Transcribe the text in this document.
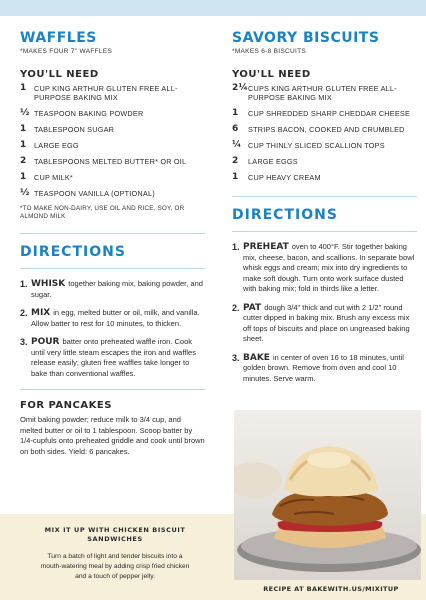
WAFFLES
*MAKES FOUR 7" WAFFLES
YOU'LL NEED
1	CUP KING ARTHUR GLUTEN FREE ALL-PURPOSE BAKING MIX
½ TEASPOON BAKING POWDER
1	TABLESPOON SUGAR
1	LARGE EGG
2	TABLESPOONS MELTED BUTTER* OR OIL
1	CUP MILK*
½ TEASPOON VANILLA (OPTIONAL)
*TO MAKE NON-DAIRY, USE OIL AND RICE, SOY, OR ALMOND MILK
DIRECTIONS
1. WHISK together baking mix, baking powder, and sugar.
2. MIX in egg, melted butter or oil, milk, and vanilla. Allow batter to rest for 10 minutes, to thicken.
3. POUR batter onto preheated waffle iron. Cook until very little steam escapes the iron and waffles release easily; gluten free waffles take longer to bake than conventional waffles.
FOR PANCAKES
Omit baking powder; reduce milk to 3/4 cup, and melted butter or oil to 1 tablespoon. Scoop batter by 1/4-cupfuls onto preheated griddle and cook until brown on both sides. Yield: 6 pancakes.
SAVORY BISCUITS
*MAKES 6-8 BISCUITS
YOU'LL NEED
2¼ CUPS KING ARTHUR GLUTEN FREE ALL-PURPOSE BAKING MIX
1	CUP SHREDDED SHARP CHEDDAR CHEESE
6	STRIPS BACON, COOKED AND CRUMBLED
¼ CUP THINLY SLICED SCALLION TOPS
2	LARGE EGGS
1	CUP HEAVY CREAM
DIRECTIONS
1. PREHEAT oven to 400°F. Stir together baking mix, cheese, bacon, and scallions. In separate bowl whisk eggs and cream; mix into dry ingredients to make soft dough. Turn onto work surface dusted with baking mix; fold in thirds like a letter.
2. PAT dough 3/4" thick and cut with 2 1/2" round cutter dipped in baking mix. Brush any excess mix off tops of biscuits and place on ungreased baking sheet.
3. BAKE in center of oven 16 to 18 minutes, until golden brown. Remove from oven and cool 10 minutes. Serve warm.
MIX IT UP WITH CHICKEN BISCUIT SANDWICHES
Turn a batch of light and tender biscuits into a mouth-watering meal by adding crisp fried chicken and a touch of pepper jelly.
RECIPE AT BAKEWITH.US/MIXITUP
